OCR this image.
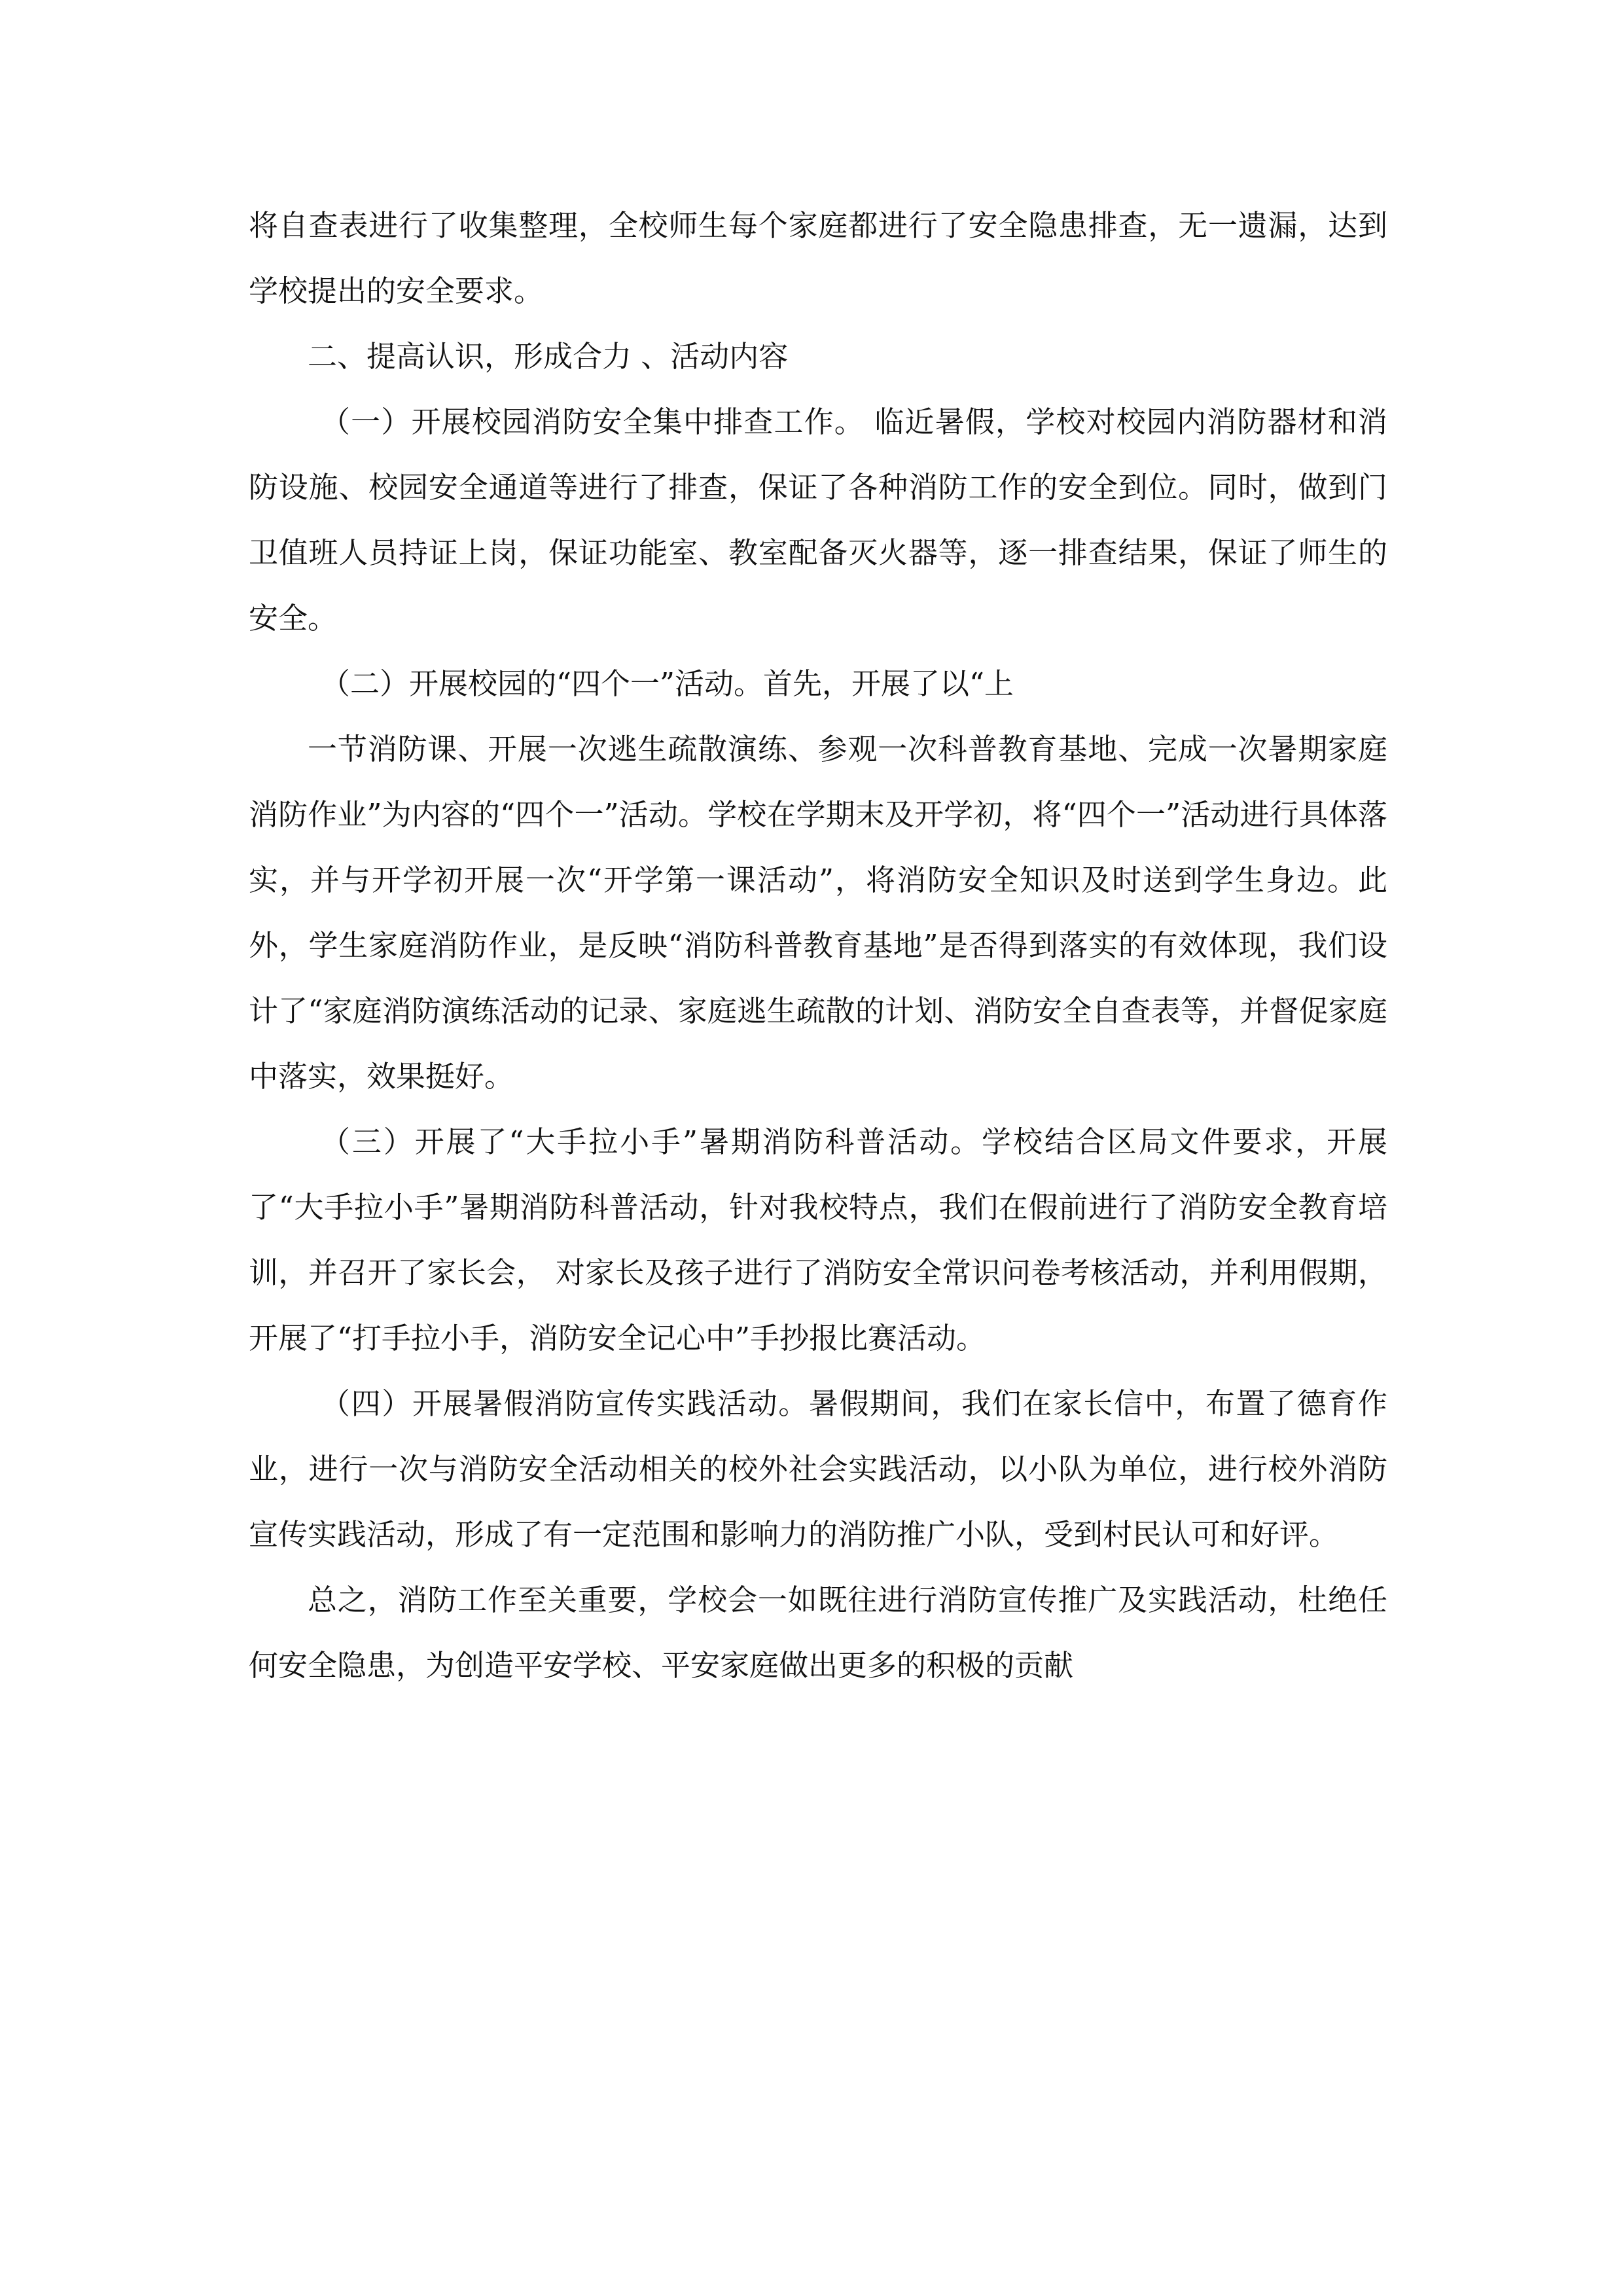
将自查表进行了收集整理，全校师生每个家庭都进行了安全隐患排查，无一遗漏，达到学校提出的安全要求。

二、提高认识，形成合力 、活动内容

（一）开展校园消防安全集中排查工作。 临近暑假，学校对校园内消防器材和消防设施、校园安全通道等进行了排查，保证了各种消防工作的安全到位。同时，做到门卫值班人员持证上岗，保证功能室、教室配备灭火器等，逐一排查结果，保证了师生的安全。

（二）开展校园的“四个一”活动。首先，开展了以“上

一节消防课、开展一次逃生疏散演练、参观一次科普教育基地、完成一次暑期家庭消防作业”为内容的“四个一”活动。学校在学期末及开学初，将“四个一”活动进行具体落实，并与开学初开展一次“开学第一课活动”，将消防安全知识及时送到学生身边。此外，学生家庭消防作业，是反映“消防科普教育基地”是否得到落实的有效体现，我们设计了“家庭消防演练活动的记录、家庭逃生疏散的计划、消防安全自查表等，并督促家庭中落实，效果挺好。

（三）开展了“大手拉小手”暑期消防科普活动。学校结合区局文件要求，开展了“大手拉小手”暑期消防科普活动，针对我校特点，我们在假前进行了消防安全教育培训，并召开了家长会， 对家长及孩子进行了消防安全常识问卷考核活动，并利用假期，开展了“打手拉小手，消防安全记心中”手抄报比赛活动。

（四）开展暑假消防宣传实践活动。暑假期间，我们在家长信中，布置了德育作业，进行一次与消防安全活动相关的校外社会实践活动，以小队为单位，进行校外消防宣传实践活动，形成了有一定范围和影响力的消防推广小队，受到村民认可和好评。

总之，消防工作至关重要，学校会一如既往进行消防宣传推广及实践活动，杜绝任何安全隐患，为创造平安学校、平安家庭做出更多的积极的贡献
